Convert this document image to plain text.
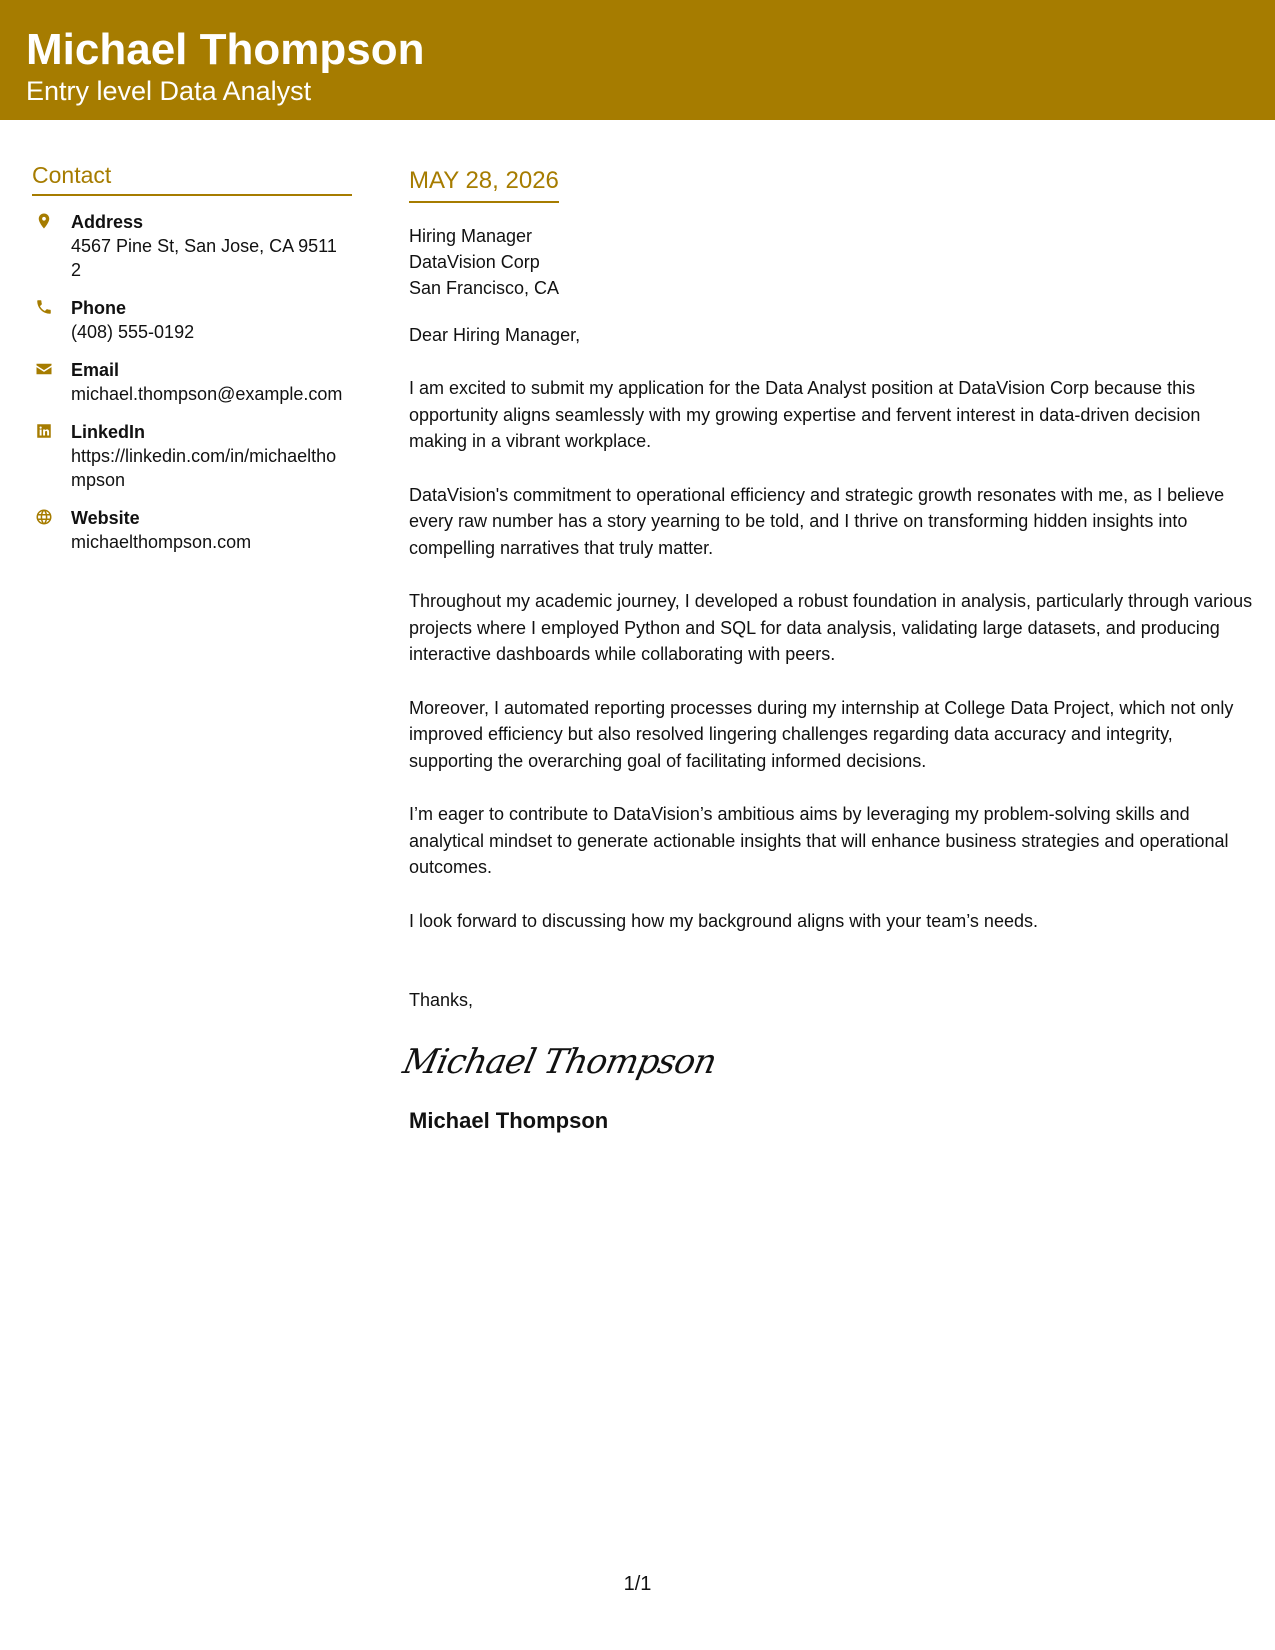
Michael Thompson
Entry level Data Analyst
Contact
Address
4567 Pine St, San Jose, CA 95112
Phone
(408) 555-0192
Email
michael.thompson@example.com
LinkedIn
https://linkedin.com/in/michaelthompson
Website
michaelthompson.com
MAY 28, 2026
Hiring Manager
DataVision Corp
San Francisco, CA
Dear Hiring Manager,

I am excited to submit my application for the Data Analyst position at DataVision Corp because this opportunity aligns seamlessly with my growing expertise and fervent interest in data-driven decision making in a vibrant workplace.

DataVision's commitment to operational efficiency and strategic growth resonates with me, as I believe every raw number has a story yearning to be told, and I thrive on transforming hidden insights into compelling narratives that truly matter.

Throughout my academic journey, I developed a robust foundation in analysis, particularly through various projects where I employed Python and SQL for data analysis, validating large datasets, and producing interactive dashboards while collaborating with peers.

Moreover, I automated reporting processes during my internship at College Data Project, which not only improved efficiency but also resolved lingering challenges regarding data accuracy and integrity, supporting the overarching goal of facilitating informed decisions.

I’m eager to contribute to DataVision’s ambitious aims by leveraging my problem-solving skills and analytical mindset to generate actionable insights that will enhance business strategies and operational outcomes.

I look forward to discussing how my background aligns with your team’s needs.

Thanks,
Michael Thompson
Michael Thompson
1/1
